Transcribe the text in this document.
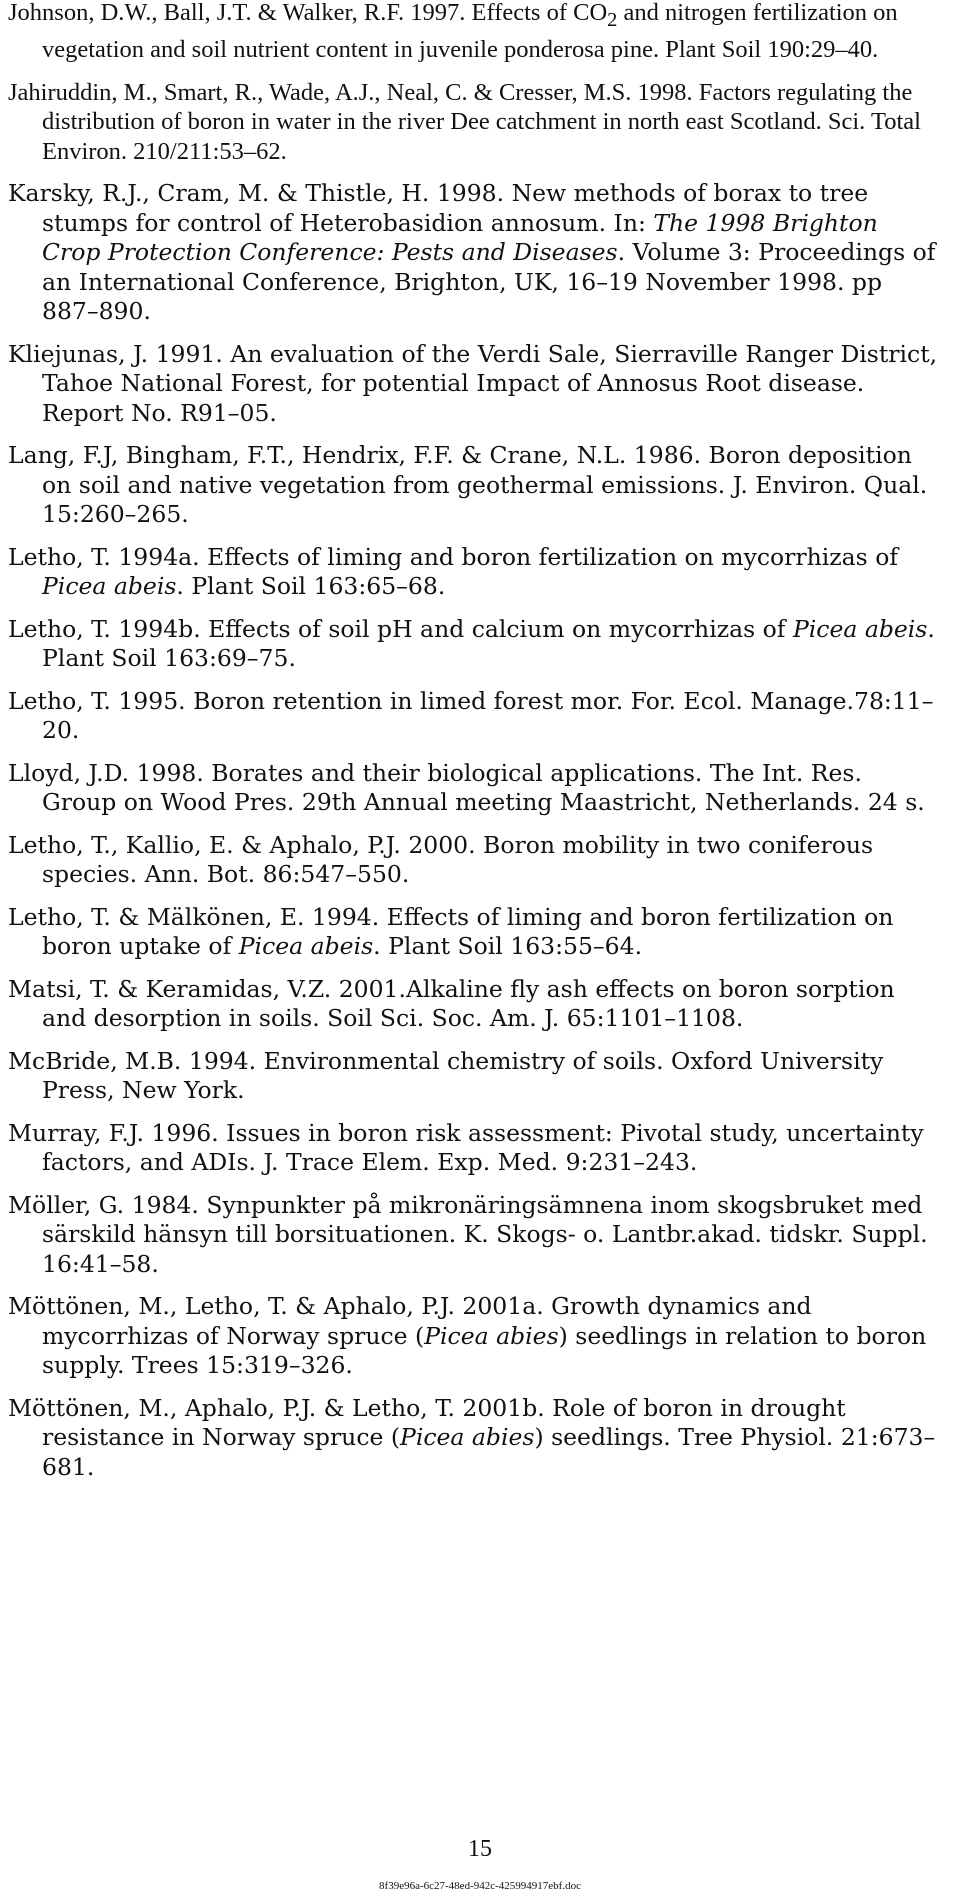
Johnson, D.W., Ball, J.T. & Walker, R.F. 1997. Effects of $CO_2$ and nitrogen fertilization on vegetation and soil nutrient content in juvenile ponderosa pine. Plant Soil 190:29–40.

Jahiruddin, M., Smart, R., Wade, A.J., Neal, C. & Cresser, M.S. 1998. Factors regulating the distribution of boron in water in the river Dee catchment in north east Scotland. Sci. Total Environ. 210/211:53–62.

Karsky, R.J., Cram, M. & Thistle, H. 1998. New methods of borax to tree stumps for control of Heterobasidion annosum. In: The 1998 Brighton Crop Protection Conference: Pests and Diseases. Volume 3: Proceedings of an International Conference, Brighton, UK, 16–19 November 1998. pp 887–890.

Kliejunas, J. 1991. An evaluation of the Verdi Sale, Sierraville Ranger District, Tahoe National Forest, for potential Impact of Annosus Root disease. Report No. R91–05.

Lang, F.J, Bingham, F.T., Hendrix, F.F. & Crane, N.L. 1986. Boron deposition on soil and native vegetation from geothermal emissions. J. Environ. Qual. 15:260–265.

Letho, T. 1994a. Effects of liming and boron fertilization on mycorrhizas of Picea abeis. Plant Soil 163:65–68.

Letho, T. 1994b. Effects of soil pH and calcium on mycorrhizas of Picea abeis. Plant Soil 163:69–75.

Letho, T. 1995. Boron retention in limed forest mor. For. Ecol. Manage.78:11–20.

Lloyd, J.D. 1998. Borates and their biological applications. The Int. Res. Group on Wood Pres. 29th Annual meeting Maastricht, Netherlands. 24 s.

Letho, T., Kallio, E. & Aphalo, P.J. 2000. Boron mobility in two coniferous species. Ann. Bot. 86:547–550.

Letho, T. & Mälkönen, E. 1994. Effects of liming and boron fertilization on boron uptake of Picea abeis. Plant Soil 163:55–64.

Matsi, T. & Keramidas, V.Z. 2001.Alkaline fly ash effects on boron sorption and desorption in soils. Soil Sci. Soc. Am. J. 65:1101–1108.

McBride, M.B. 1994. Environmental chemistry of soils. Oxford University Press, New York.

Murray, F.J. 1996. Issues in boron risk assessment: Pivotal study, uncertainty factors, and ADIs. J. Trace Elem. Exp. Med. 9:231–243.

Möller, G. 1984. Synpunkter på mikronäringsämnena inom skogsbruket med särskild hänsyn till borsituationen. K. Skogs- o. Lantbr.akad. tidskr. Suppl. 16:41–58.

Möttönen, M., Letho, T. & Aphalo, P.J. 2001a. Growth dynamics and mycorrhizas of Norway spruce (Picea abies) seedlings in relation to boron supply. Trees 15:319–326.

Möttönen, M., Aphalo, P.J. & Letho, T. 2001b. Role of boron in drought resistance in Norway spruce (Picea abies) seedlings. Tree Physiol. 21:673–681.

15
8f39e96a-6c27-48ed-942c-425994917ebf.doc
